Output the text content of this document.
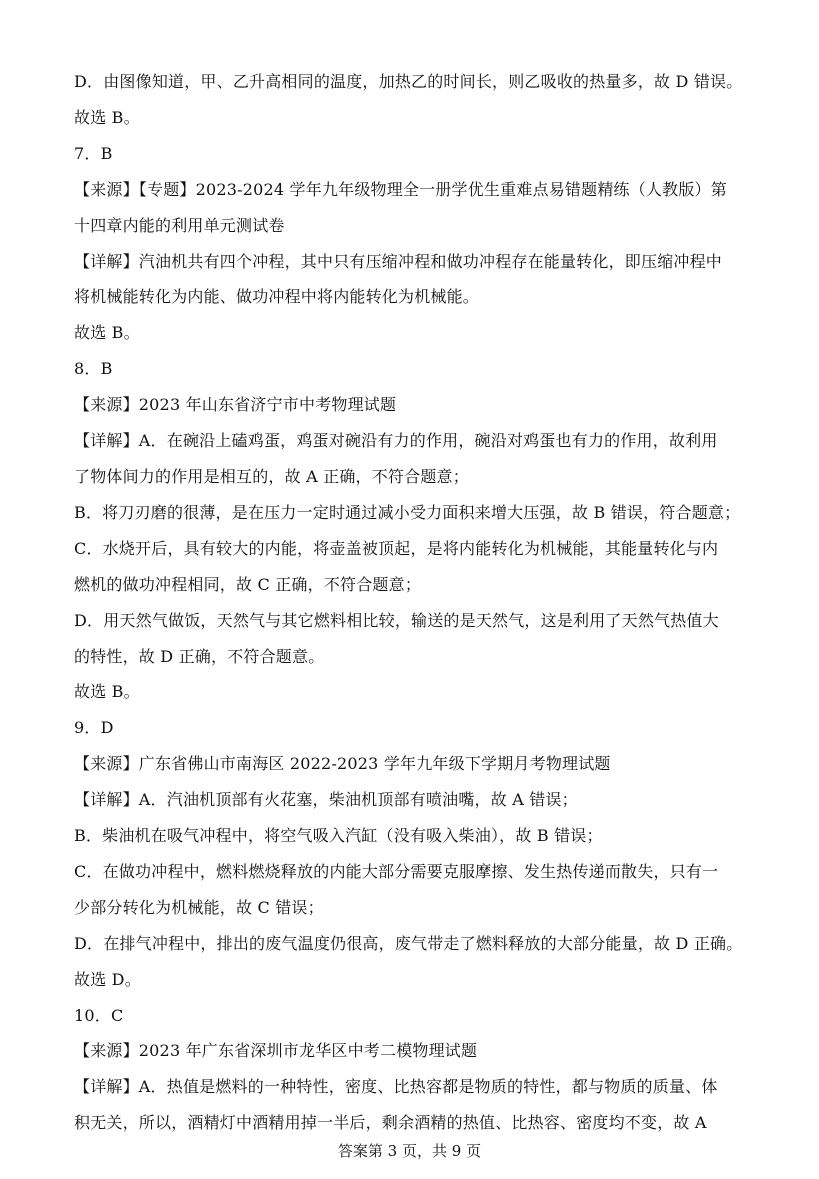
D．由图像知道，甲、乙升高相同的温度，加热乙的时间长，则乙吸收的热量多，故 D 错误。
故选 B。
7．B
【来源】【专题】2023-2024 学年九年级物理全一册学优生重难点易错题精练（人教版）第
十四章内能的利用单元测试卷
【详解】汽油机共有四个冲程，其中只有压缩冲程和做功冲程存在能量转化，即压缩冲程中
将机械能转化为内能、做功冲程中将内能转化为机械能。
故选 B。
8．B
【来源】2023 年山东省济宁市中考物理试题
【详解】A．在碗沿上磕鸡蛋，鸡蛋对碗沿有力的作用，碗沿对鸡蛋也有力的作用，故利用
了物体间力的作用是相互的，故 A 正确，不符合题意；
B．将刀刃磨的很薄，是在压力一定时通过减小受力面积来增大压强，故 B 错误，符合题意；
C．水烧开后，具有较大的内能，将壶盖被顶起，是将内能转化为机械能，其能量转化与内
燃机的做功冲程相同，故 C 正确，不符合题意；
D．用天然气做饭，天然气与其它燃料相比较，输送的是天然气，这是利用了天然气热值大
的特性，故 D 正确，不符合题意。
故选 B。
9．D
【来源】广东省佛山市南海区 2022-2023 学年九年级下学期月考物理试题
【详解】A．汽油机顶部有火花塞，柴油机顶部有喷油嘴，故 A 错误；
B．柴油机在吸气冲程中，将空气吸入汽缸（没有吸入柴油），故 B 错误；
C．在做功冲程中，燃料燃烧释放的内能大部分需要克服摩擦、发生热传递而散失，只有一
少部分转化为机械能，故 C 错误；
D．在排气冲程中，排出的废气温度仍很高，废气带走了燃料释放的大部分能量，故 D 正确。
故选 D。
10．C
【来源】2023 年广东省深圳市龙华区中考二模物理试题
【详解】A．热值是燃料的一种特性，密度、比热容都是物质的特性，都与物质的质量、体
积无关，所以，酒精灯中酒精用掉一半后，剩余酒精的热值、比热容、密度均不变，故 A
答案第 3 页，共 9 页
